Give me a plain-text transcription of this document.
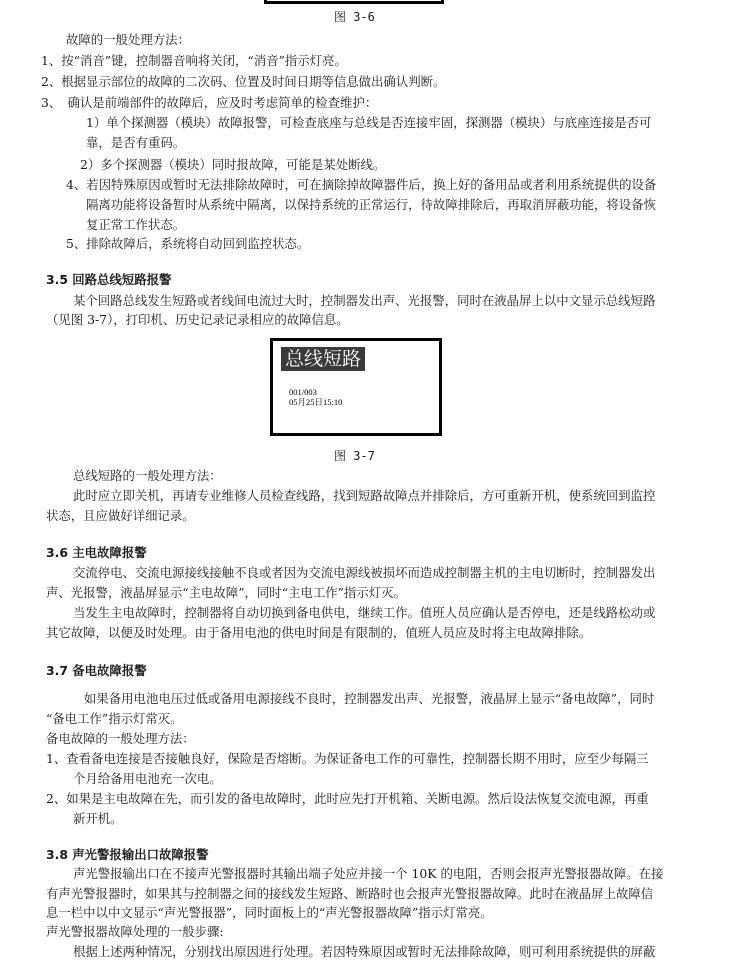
图 3-6
故障的一般处理方法：
1、按“消音”键，控制器音响将关闭，“消音”指示灯亮。
2、根据显示部位的故障的二次码、位置及时间日期等信息做出确认判断。
3、　确认是前端部件的故障后，应及时考虑简单的检查维护：
1）单个探测器（模块）故障报警，可检查底座与总线是否连接牢固，探测器（模块）与底座连接是否可
靠，是否有重码。
2）多个探测器（模块）同时报故障，可能是某处断线。
4、若因特殊原因或暂时无法排除故障时，可在摘除掉故障器件后，换上好的备用品或者利用系统提供的设备
隔离功能将设备暂时从系统中隔离，以保持系统的正常运行，待故障排除后，再取消屏蔽功能，将设备恢
复正常工作状态。
5、排除故障后，系统将自动回到监控状态。
3.5 回路总线短路报警
某个回路总线发生短路或者线间电流过大时，控制器发出声、光报警，同时在液晶屏上以中文显示总线短路
（见图 3-7），打印机、历史记录记录相应的故障信息。
总线短路
001/003
05月25日15:10
图 3-7
总线短路的一般处理方法：
此时应立即关机，再请专业维修人员检查线路，找到短路故障点并排除后，方可重新开机，使系统回到监控
状态，且应做好详细记录。
3.6 主电故障报警
交流停电、交流电源接线接触不良或者因为交流电源线被损坏而造成控制器主机的主电切断时，控制器发出
声、光报警，液晶屏显示“主电故障”，同时“主电工作”指示灯灭。
当发生主电故障时，控制器将自动切换到备电供电，继续工作。值班人员应确认是否停电，还是线路松动或
其它故障，以便及时处理。由于备用电池的供电时间是有限制的，值班人员应及时将主电故障排除。
3.7 备电故障报警
如果备用电池电压过低或备用电源接线不良时，控制器发出声、光报警，液晶屏上显示“备电故障”，同时
“备电工作”指示灯常灭。
备电故障的一般处理方法：
1、查看备电连接是否接触良好，保险是否熔断。为保证备电工作的可靠性，控制器长期不用时，应至少每隔三
个月给备用电池充一次电。
2、如果是主电故障在先，而引发的备电故障时，此时应先打开机箱、关断电源。然后设法恢复交流电源，再重
新开机。
3.8 声光警报输出口故障报警
声光警报输出口在不接声光警报器时其输出端子处应并接一个 10K 的电阻，否则会报声光警报器故障。在接
有声光警报器时，如果其与控制器之间的接线发生短路、断路时也会报声光警报器故障。此时在液晶屏上故障信
息一栏中以中文显示“声光警报器”，同时面板上的“声光警报器故障”指示灯常亮。
声光警报器故障处理的一般步骤:
根据上述两种情况，分别找出原因进行处理。若因特殊原因或暂时无法排除故障，则可利用系统提供的屏蔽
